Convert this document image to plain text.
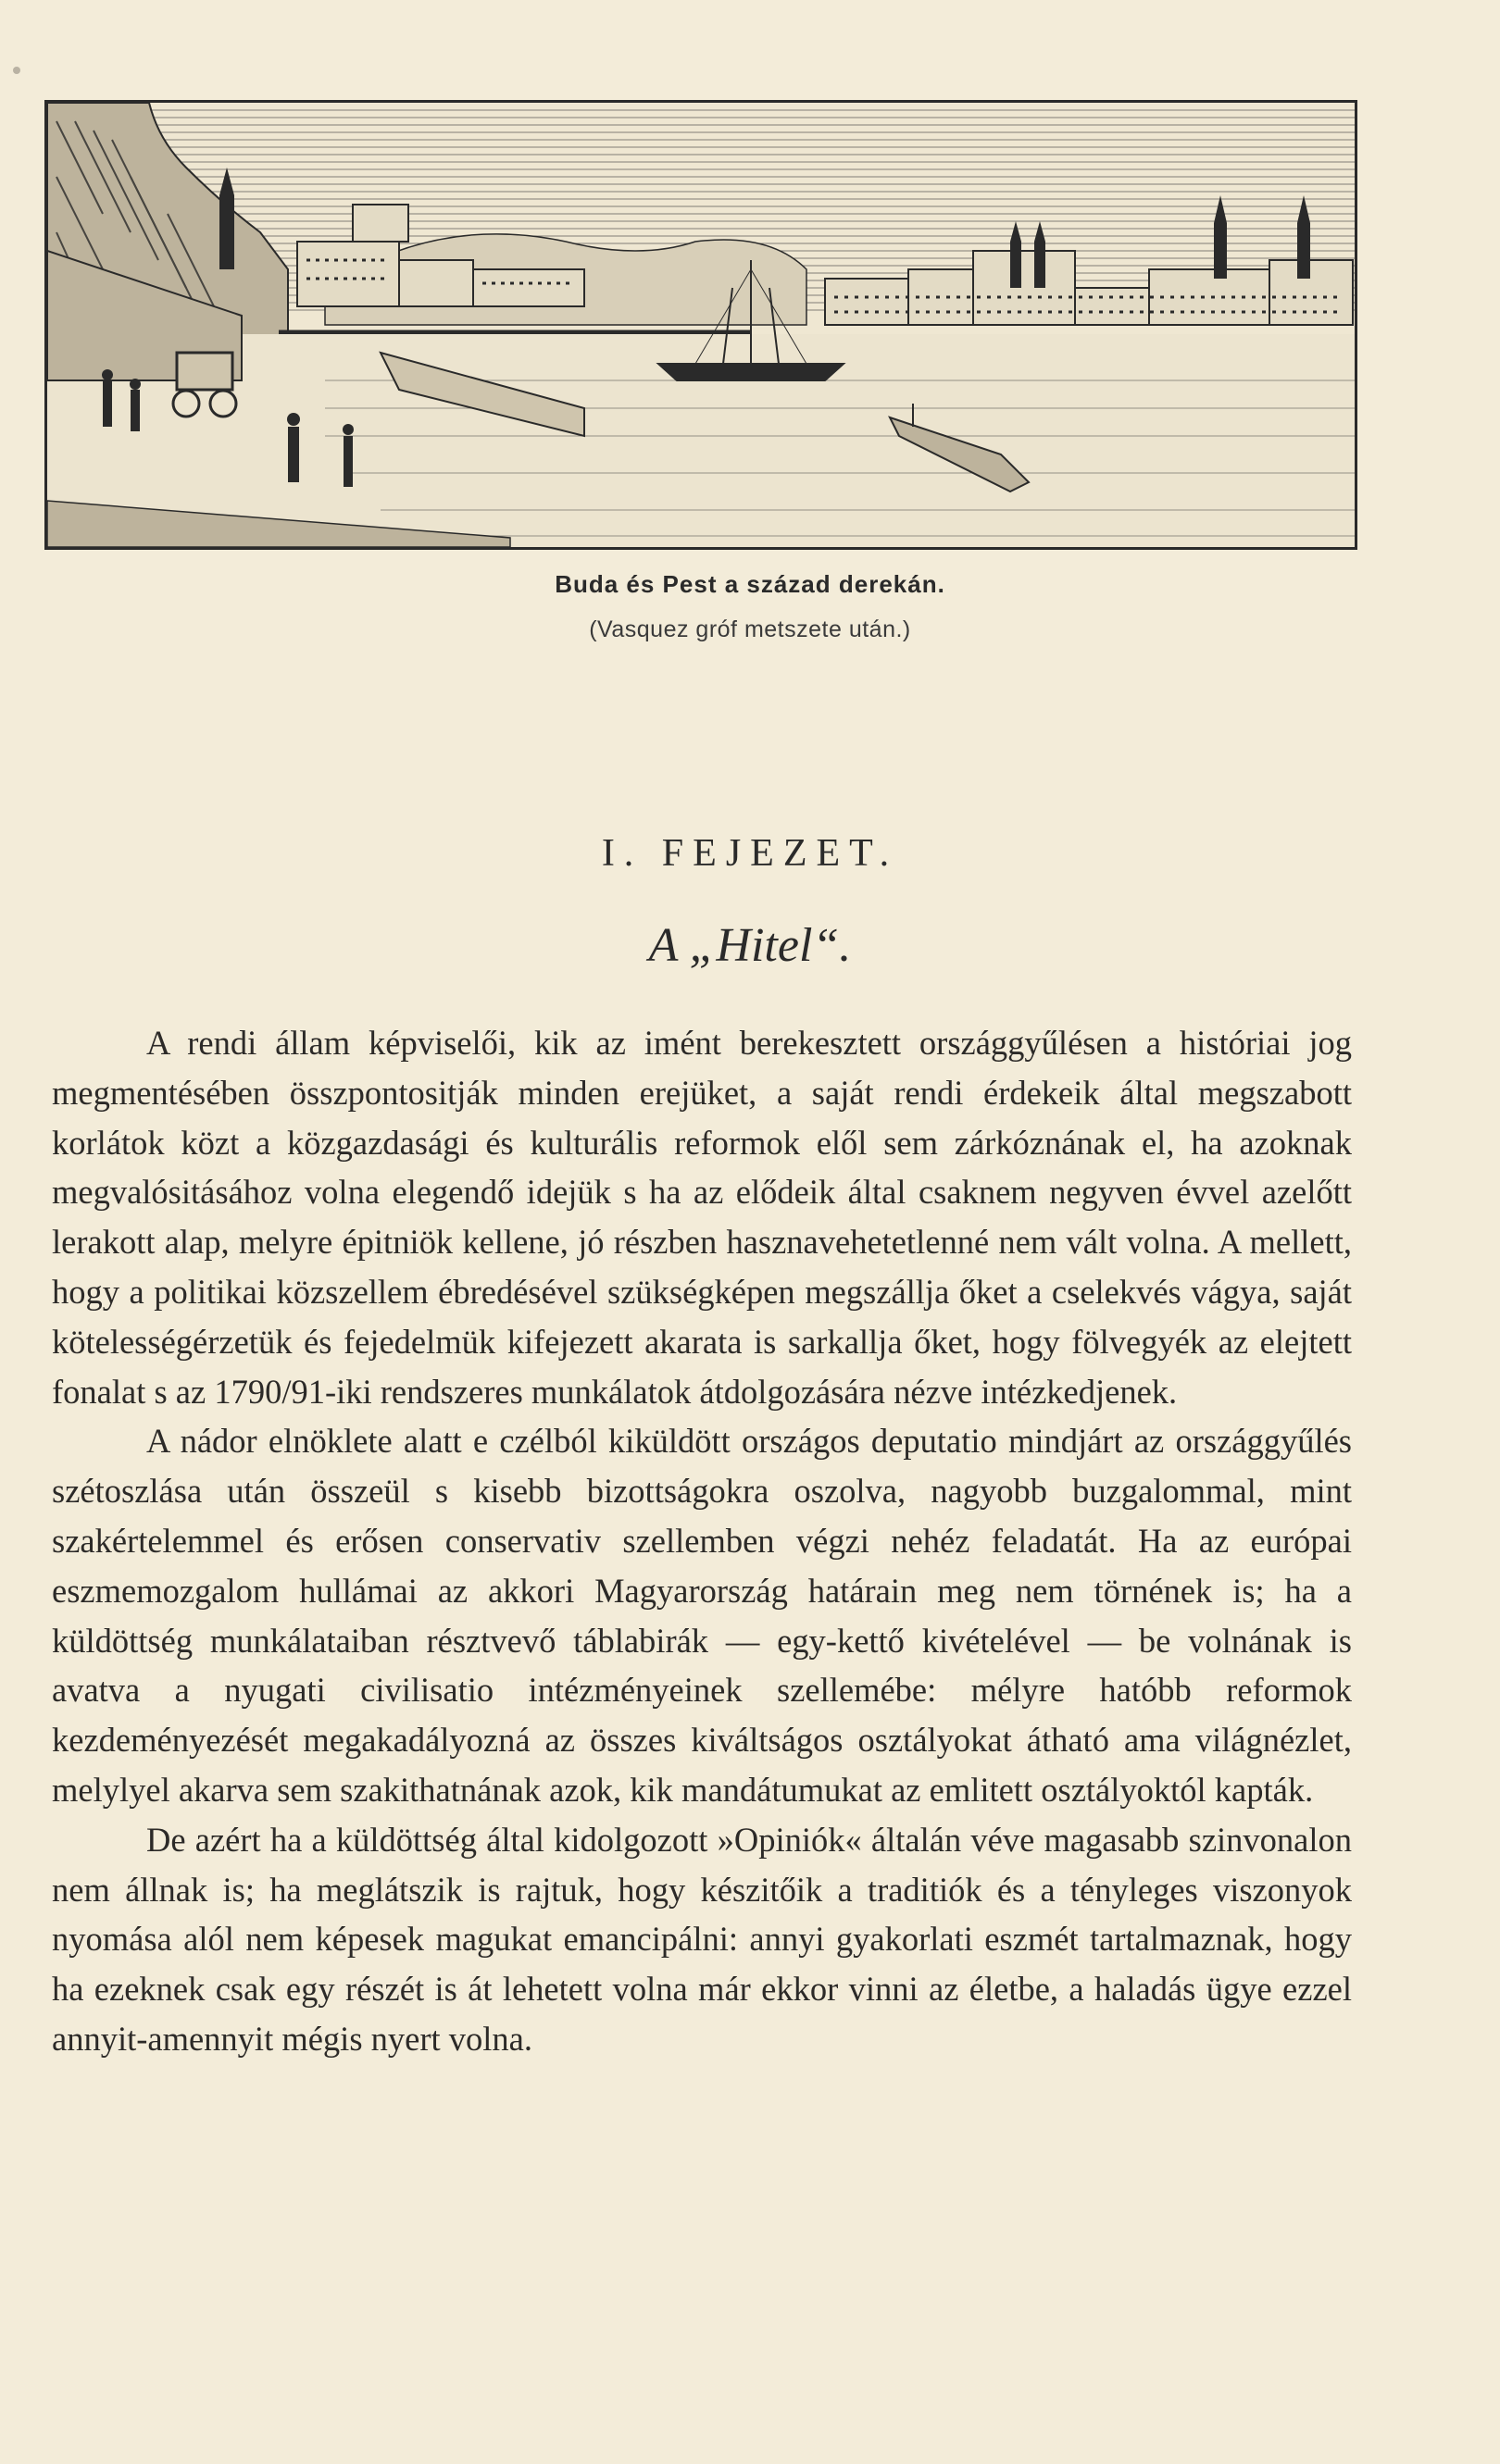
Buda és Pest a század derekán.
(Vasquez gróf metszete után.)
I. FEJEZET.
A „Hitel“.

A rendi állam képviselői, kik az imént berekesztett országgyűlésen a históriai jog megmentésében összpontositják minden erejüket, a saját rendi érdekeik által megszabott korlátok közt a közgazdasági és kulturális reformok elől sem zárkóznának el, ha azoknak megvalósitásához volna elegendő idejük s ha az elődeik által csaknem negyven évvel azelőtt lerakott alap, melyre épitniök kellene, jó részben hasznavehetetlenné nem vált volna. A mellett, hogy a politikai közszellem ébredésével szükségképen megszállja őket a cselekvés vágya, saját kötelességérzetük és fejedelmük kifejezett akarata is sarkallja őket, hogy fölvegyék az elejtett fonalat s az 1790/91-iki rendszeres munkálatok átdolgozására nézve intézkedjenek.

A nádor elnöklete alatt e czélból kiküldött országos deputatio mindjárt az országgyűlés szétoszlása után összeül s kisebb bizottságokra oszolva, nagyobb buzgalommal, mint szakértelemmel és erősen conservativ szellemben végzi nehéz feladatát. Ha az európai eszmemozgalom hullámai az akkori Magyarország határain meg nem törnének is; ha a küldöttség munkálataiban résztvevő táblabirák — egy-kettő kivételével — be volnának is avatva a nyugati civilisatio intézményeinek szellemébe: mélyre hatóbb reformok kezdeményezését megakadályozná az összes kiváltságos osztályokat átható ama világnézlet, melylyel akarva sem szakithatnának azok, kik mandátumukat az emlitett osztályoktól kapták.

De azért ha a küldöttség által kidolgozott »Opiniók« általán véve magasabb szinvonalon nem állnak is; ha meglátszik is rajtuk, hogy készitőik a traditiók és a tényleges viszonyok nyomása alól nem képesek magukat emancipálni: annyi gyakorlati eszmét tartalmaznak, hogy ha ezeknek csak egy részét is át lehetett volna már ekkor vinni az életbe, a haladás ügye ezzel annyit-amennyit mégis nyert volna.
